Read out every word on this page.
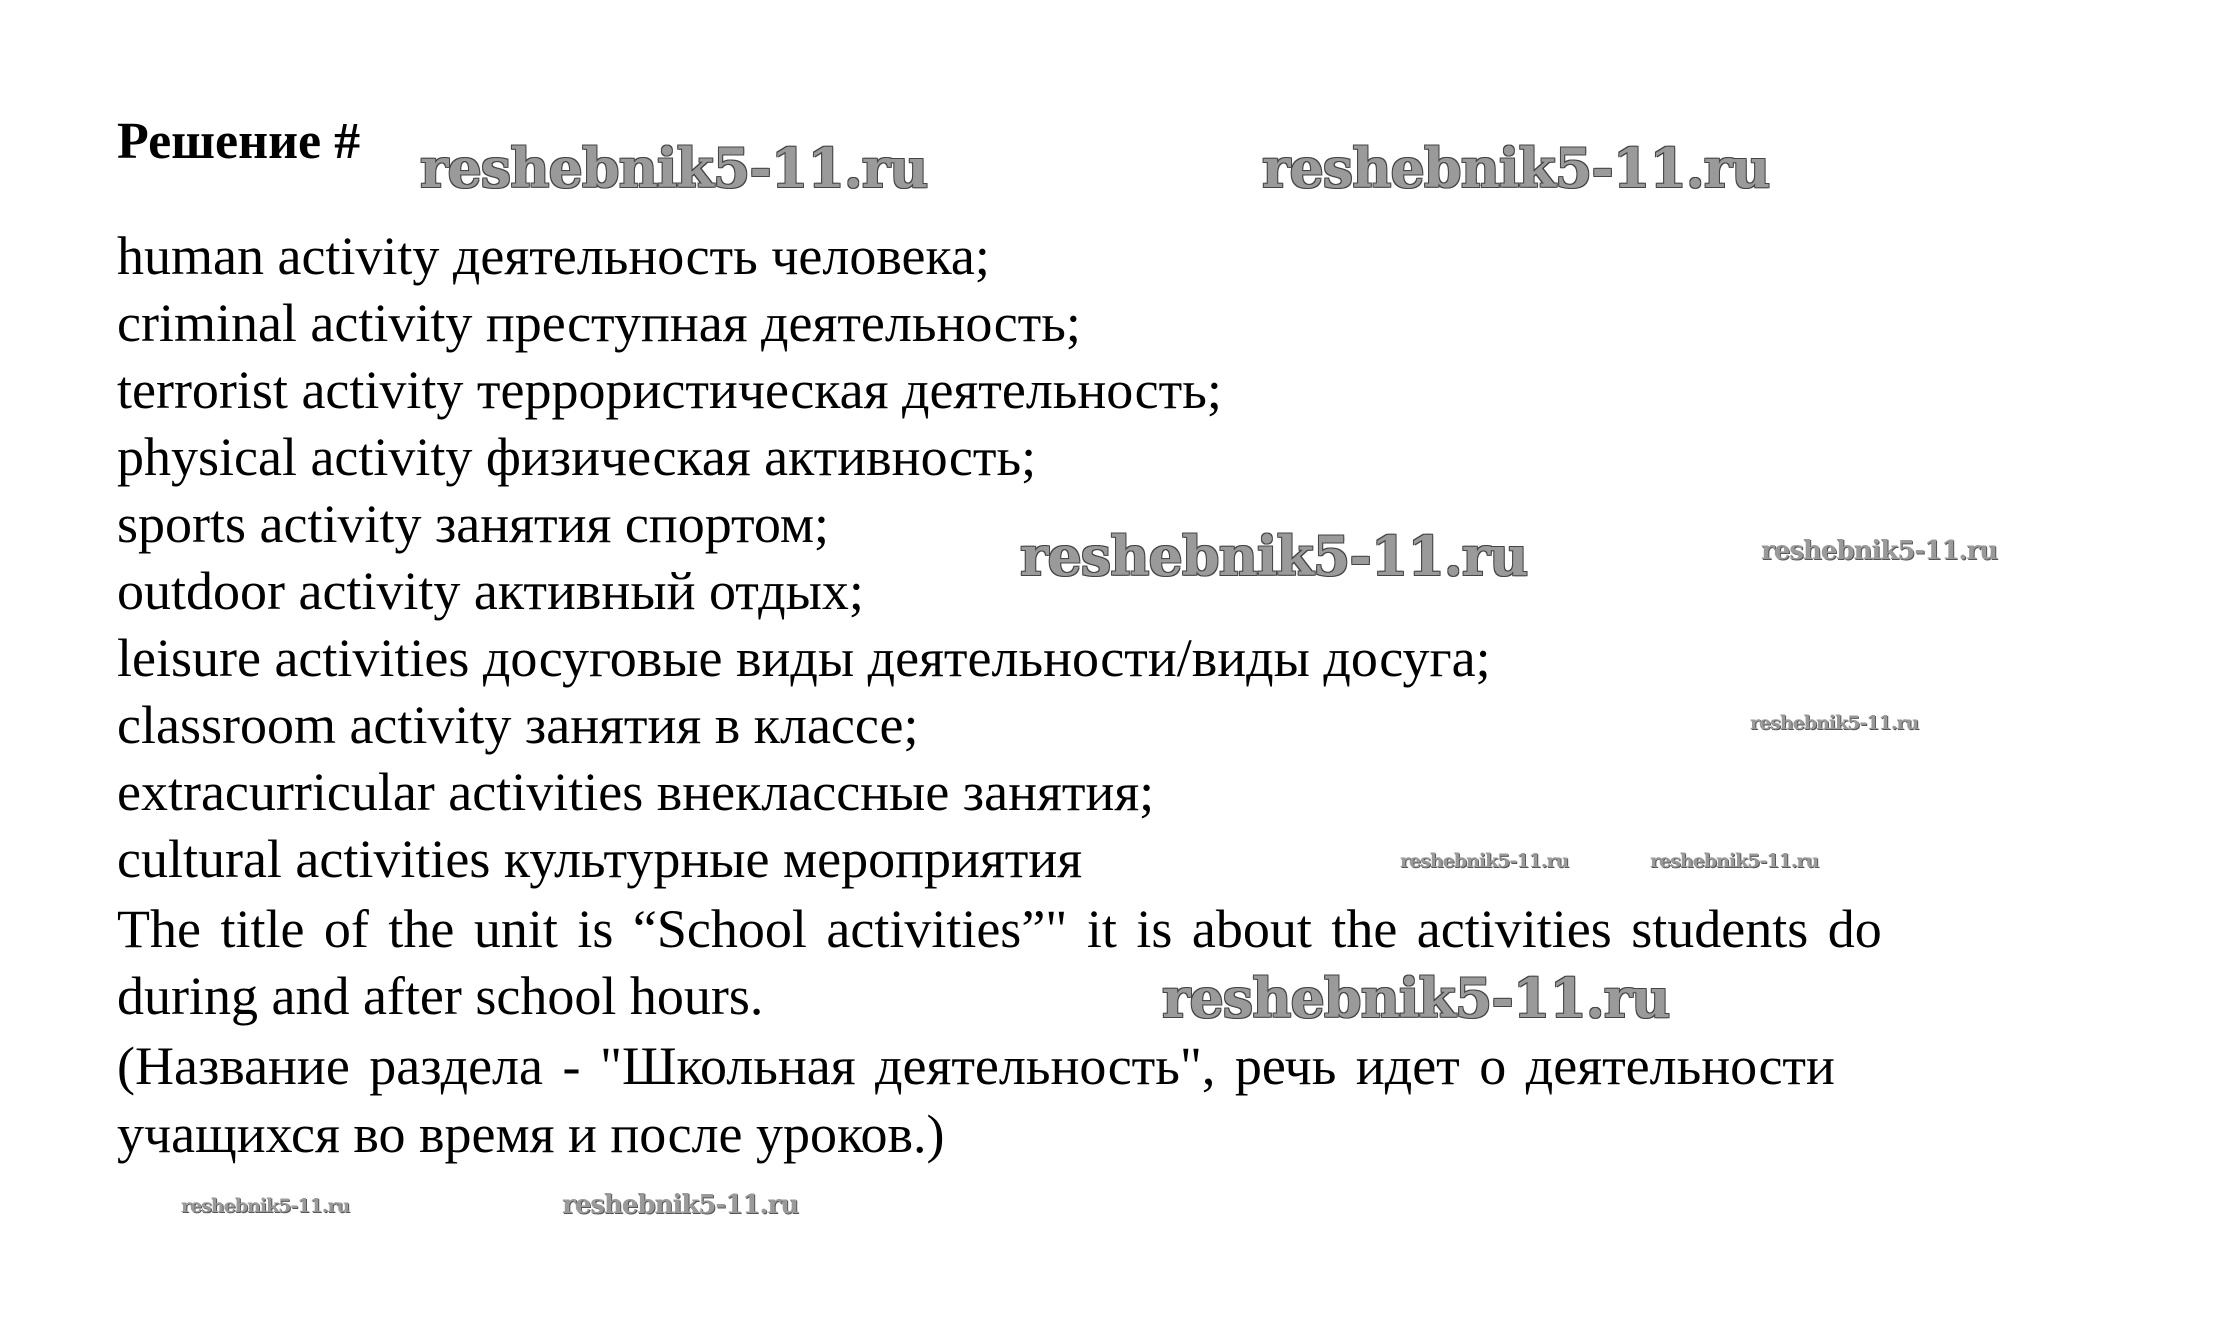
Решение #
human activity деятельность человека;
criminal activity преступная деятельность;
terrorist activity террористическая деятельность;
physical activity физическая активность;
sports activity занятия спортом;
outdoor activity активный отдых;
leisure activities досуговые виды деятельности/виды досуга;
classroom activity занятия в классе;
extracurricular activities внеклассные занятия;
cultural activities культурные мероприятия
The title of the unit is “School activities”" it is about the activities students do
during and after school hours.
(Название раздела - "Школьная деятельность", речь идет о деятельности
учащихся во время и после уроков.)
reshebnik5-11.ru	reshebnik5-11.ru
reshebnik5-11.ru
reshebnik5-11.ru
reshebnik5-11.ru
reshebnik5-11.ru
reshebnik5-11.ru	reshebnik5-11.ru
reshebnik5-11.ru	reshebnik5-11.ru
